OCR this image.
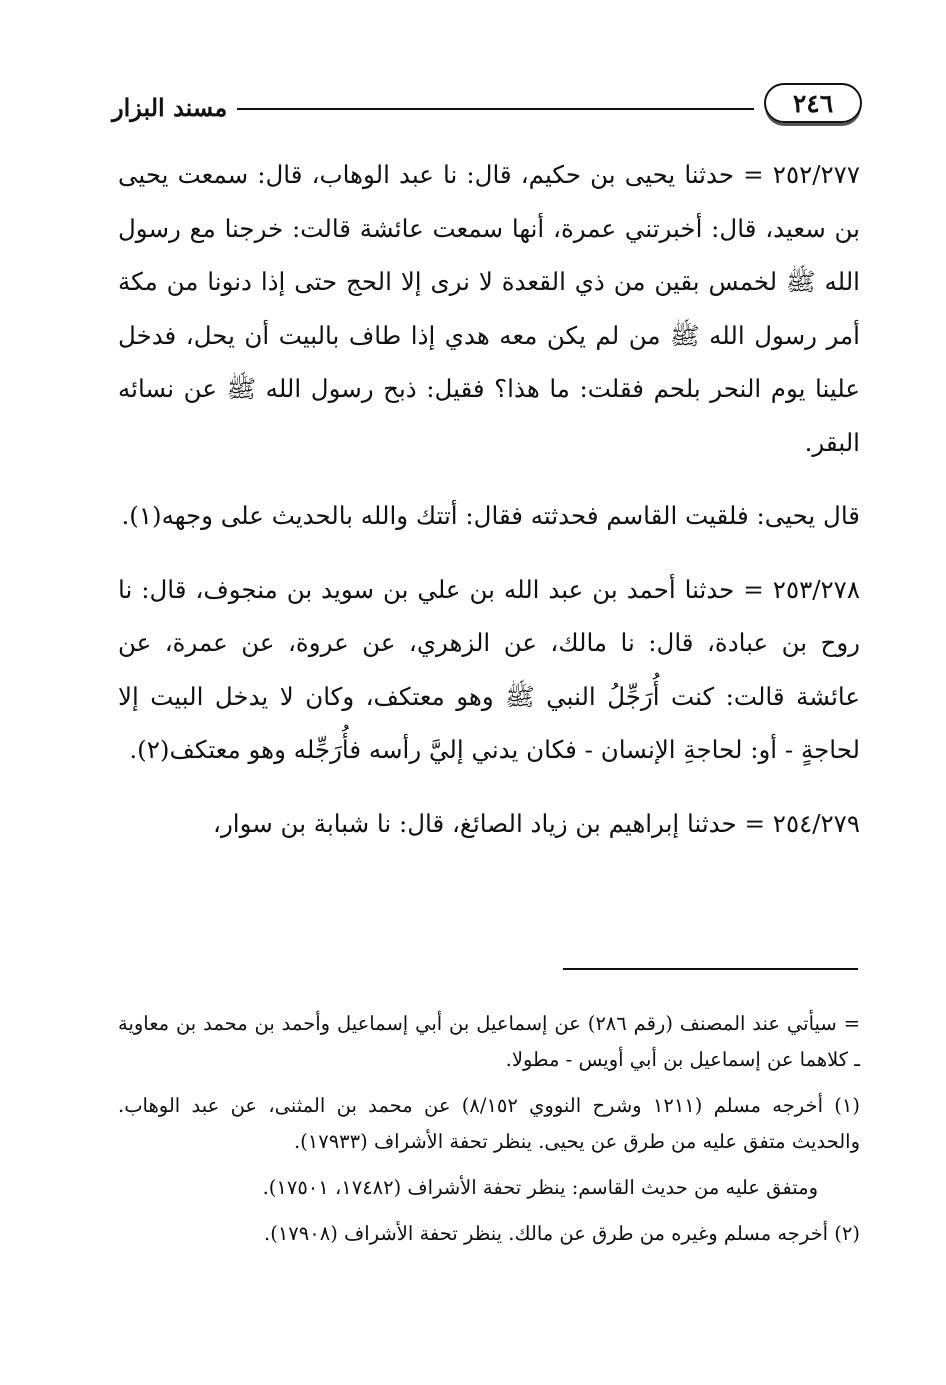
٢٤٦
مسند البزار

٢٥٢/٢٧٧ = حدثنا يحيى بن حكيم، قال: نا عبد الوهاب، قال: سمعت يحيى بن سعيد، قال: أخبرتني عمرة، أنها سمعت عائشة قالت: خرجنا مع رسول الله ﷺ لخمس بقين من ذي القعدة لا نرى إلا الحج حتى إذا دنونا من مكة أمر رسول الله ﷺ من لم يكن معه هدي إذا طاف بالبيت أن يحل، فدخل علينا يوم النحر بلحم فقلت: ما هذا؟ فقيل: ذبح رسول الله ﷺ عن نسائه البقر.

قال يحيى: فلقيت القاسم فحدثته فقال: أتتك والله بالحديث على وجهه(١).

٢٥٣/٢٧٨ = حدثنا أحمد بن عبد الله بن علي بن سويد بن منجوف، قال: نا روح بن عبادة، قال: نا مالك، عن الزهري، عن عروة، عن عمرة، عن عائشة قالت: كنت أُرَجِّلُ النبي ﷺ وهو معتكف، وكان لا يدخل البيت إلا لحاجةٍ - أو: لحاجةِ الإنسان - فكان يدني إليَّ رأسه فأُرَجِّله وهو معتكف(٢).

٢٥٤/٢٧٩ = حدثنا إبراهيم بن زياد الصائغ، قال: نا شبابة بن سوار،

= سيأتي عند المصنف (رقم ٢٨٦) عن إسماعيل بن أبي إسماعيل وأحمد بن محمد بن معاوية ـ كلاهما عن إسماعيل بن أبي أويس - مطولا.

(١) أخرجه مسلم (١٢١١ وشرح النووي ٨/١٥٢) عن محمد بن المثنى، عن عبد الوهاب. والحديث متفق عليه من طرق عن يحيى. ينظر تحفة الأشراف (١٧٩٣٣).

ومتفق عليه من حديث القاسم: ينظر تحفة الأشراف (١٧٤٨٢، ١٧٥٠١).

(٢) أخرجه مسلم وغيره من طرق عن مالك. ينظر تحفة الأشراف (١٧٩٠٨).
